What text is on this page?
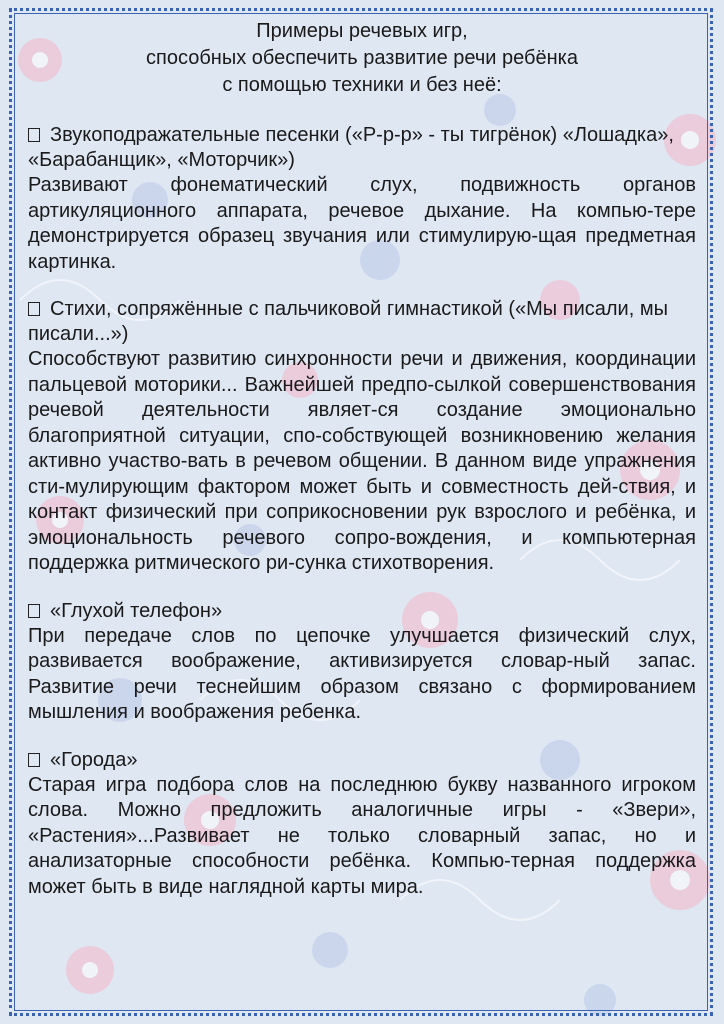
Примеры речевых игр,
способных обеспечить развитие речи ребёнка
с помощью техники и без неё:
Звукоподражательные песенки («Р-р-р» - ты тигрёнок) «Лошадка», «Барабанщик», «Моторчик»)
Развивают фонематический слух, подвижность органов артикуляционного аппарата, речевое дыхание. На компью-тере демонстрируется образец звучания или стимулирую-щая предметная картинка.
Стихи, сопряжённые с пальчиковой гимнастикой («Мы писали, мы писали...»)
Способствуют развитию синхронности речи и движения, координации пальцевой моторики... Важнейшей предпо-сылкой совершенствования речевой деятельности являет-ся создание эмоционально благоприятной ситуации, спо-собствующей возникновению желания активно участво-вать в речевом общении. В данном виде упражнения сти-мулирующим фактором может быть и совместность дей-ствия, и контакт физический при соприкосновении рук взрослого и ребёнка, и эмоциональность речевого сопро-вождения, и компьютерная поддержка ритмического ри-сунка стихотворения.
«Глухой телефон»
При передаче слов по цепочке улучшается физический слух, развивается воображение, активизируется словар-ный запас. Развитие речи теснейшим образом связано с формированием мышления и воображения ребенка.
«Города»
Старая игра подбора слов на последнюю букву названного игроком слова. Можно предложить аналогичные игры - «Звери», «Растения»...Развивает не только словарный запас, но и анализаторные способности ребёнка. Компью-терная поддержка может быть в виде наглядной карты мира.
